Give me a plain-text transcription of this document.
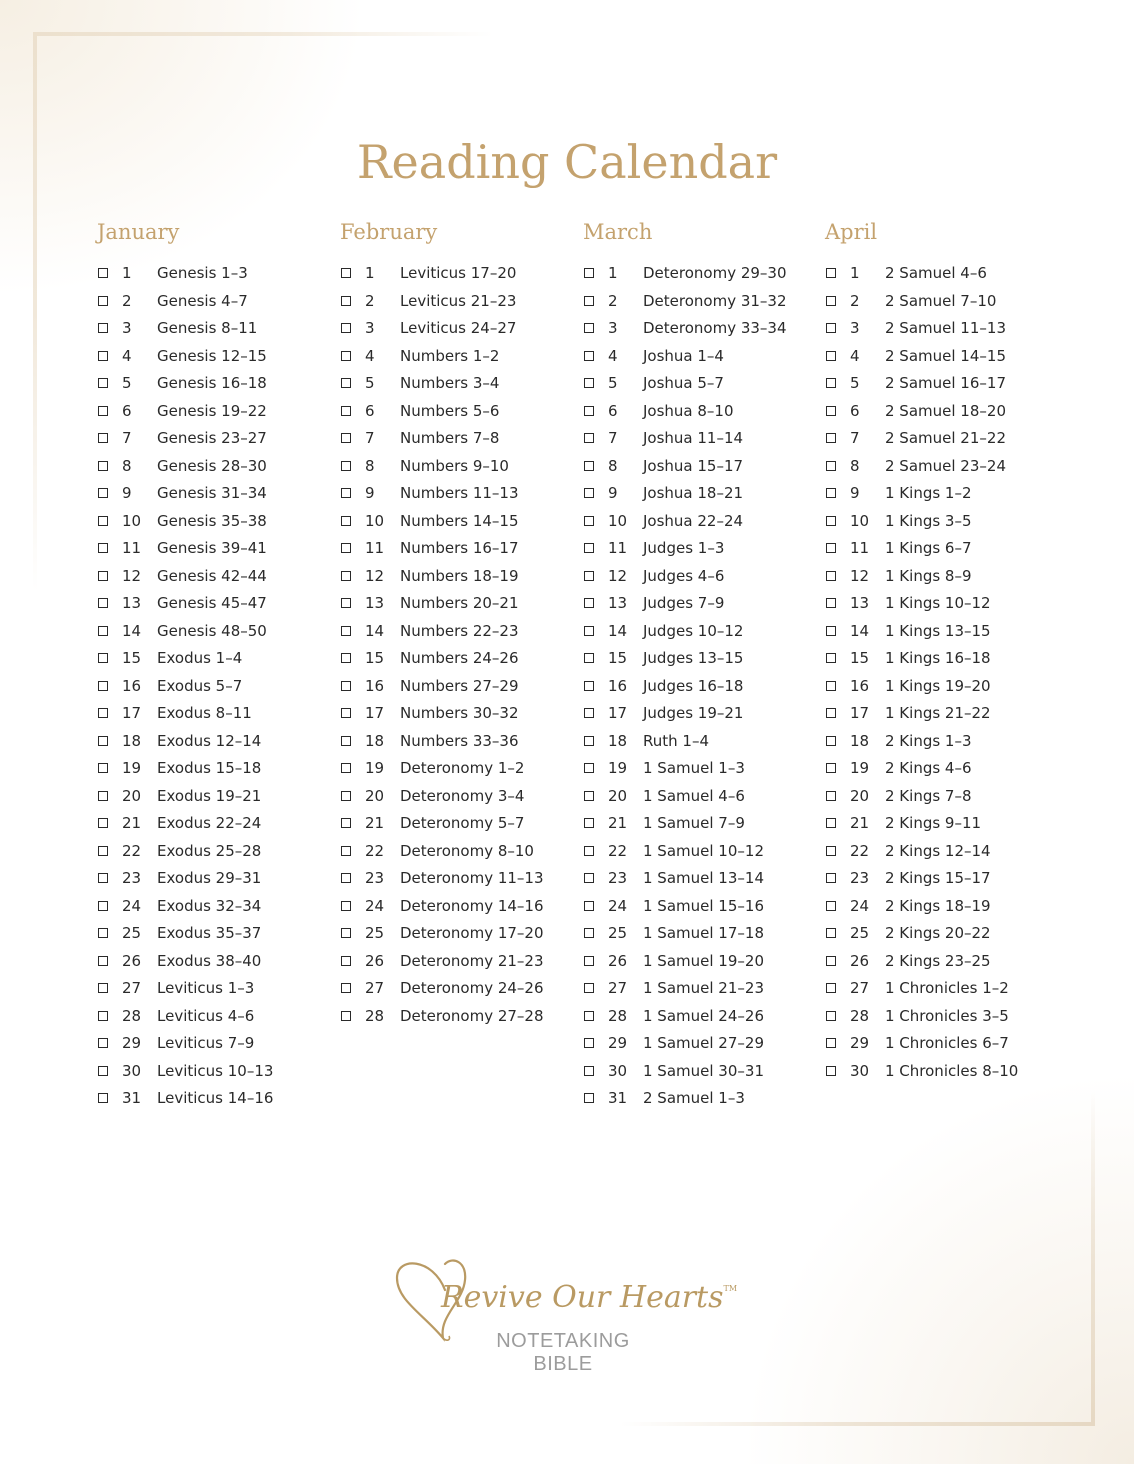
Reading Calendar
January
1 Genesis 1–3
2 Genesis 4–7
3 Genesis 8–11
4 Genesis 12–15
5 Genesis 16–18
6 Genesis 19–22
7 Genesis 23–27
8 Genesis 28–30
9 Genesis 31–34
10 Genesis 35–38
11 Genesis 39–41
12 Genesis 42–44
13 Genesis 45–47
14 Genesis 48–50
15 Exodus 1–4
16 Exodus 5–7
17 Exodus 8–11
18 Exodus 12–14
19 Exodus 15–18
20 Exodus 19–21
21 Exodus 22–24
22 Exodus 25–28
23 Exodus 29–31
24 Exodus 32–34
25 Exodus 35–37
26 Exodus 38–40
27 Leviticus 1–3
28 Leviticus 4–6
29 Leviticus 7–9
30 Leviticus 10–13
31 Leviticus 14–16
February
1 Leviticus 17–20
2 Leviticus 21–23
3 Leviticus 24–27
4 Numbers 1–2
5 Numbers 3–4
6 Numbers 5–6
7 Numbers 7–8
8 Numbers 9–10
9 Numbers 11–13
10 Numbers 14–15
11 Numbers 16–17
12 Numbers 18–19
13 Numbers 20–21
14 Numbers 22–23
15 Numbers 24–26
16 Numbers 27–29
17 Numbers 30–32
18 Numbers 33–36
19 Deteronomy 1–2
20 Deteronomy 3–4
21 Deteronomy 5–7
22 Deteronomy 8–10
23 Deteronomy 11–13
24 Deteronomy 14–16
25 Deteronomy 17–20
26 Deteronomy 21–23
27 Deteronomy 24–26
28 Deteronomy 27–28
March
1 Deteronomy 29–30
2 Deteronomy 31–32
3 Deteronomy 33–34
4 Joshua 1–4
5 Joshua 5–7
6 Joshua 8–10
7 Joshua 11–14
8 Joshua 15–17
9 Joshua 18–21
10 Joshua 22–24
11 Judges 1–3
12 Judges 4–6
13 Judges 7–9
14 Judges 10–12
15 Judges 13–15
16 Judges 16–18
17 Judges 19–21
18 Ruth 1–4
19 1 Samuel 1–3
20 1 Samuel 4–6
21 1 Samuel 7–9
22 1 Samuel 10–12
23 1 Samuel 13–14
24 1 Samuel 15–16
25 1 Samuel 17–18
26 1 Samuel 19–20
27 1 Samuel 21–23
28 1 Samuel 24–26
29 1 Samuel 27–29
30 1 Samuel 30–31
31 2 Samuel 1–3
April
1 2 Samuel 4–6
2 2 Samuel 7–10
3 2 Samuel 11–13
4 2 Samuel 14–15
5 2 Samuel 16–17
6 2 Samuel 18–20
7 2 Samuel 21–22
8 2 Samuel 23–24
9 1 Kings 1–2
10 1 Kings 3–5
11 1 Kings 6–7
12 1 Kings 8–9
13 1 Kings 10–12
14 1 Kings 13–15
15 1 Kings 16–18
16 1 Kings 19–20
17 1 Kings 21–22
18 2 Kings 1–3
19 2 Kings 4–6
20 2 Kings 7–8
21 2 Kings 9–11
22 2 Kings 12–14
23 2 Kings 15–17
24 2 Kings 18–19
25 2 Kings 20–22
26 2 Kings 23–25
27 1 Chronicles 1–2
28 1 Chronicles 3–5
29 1 Chronicles 6–7
30 1 Chronicles 8–10
Revive Our Hearts™
NOTETAKING
BIBLE
